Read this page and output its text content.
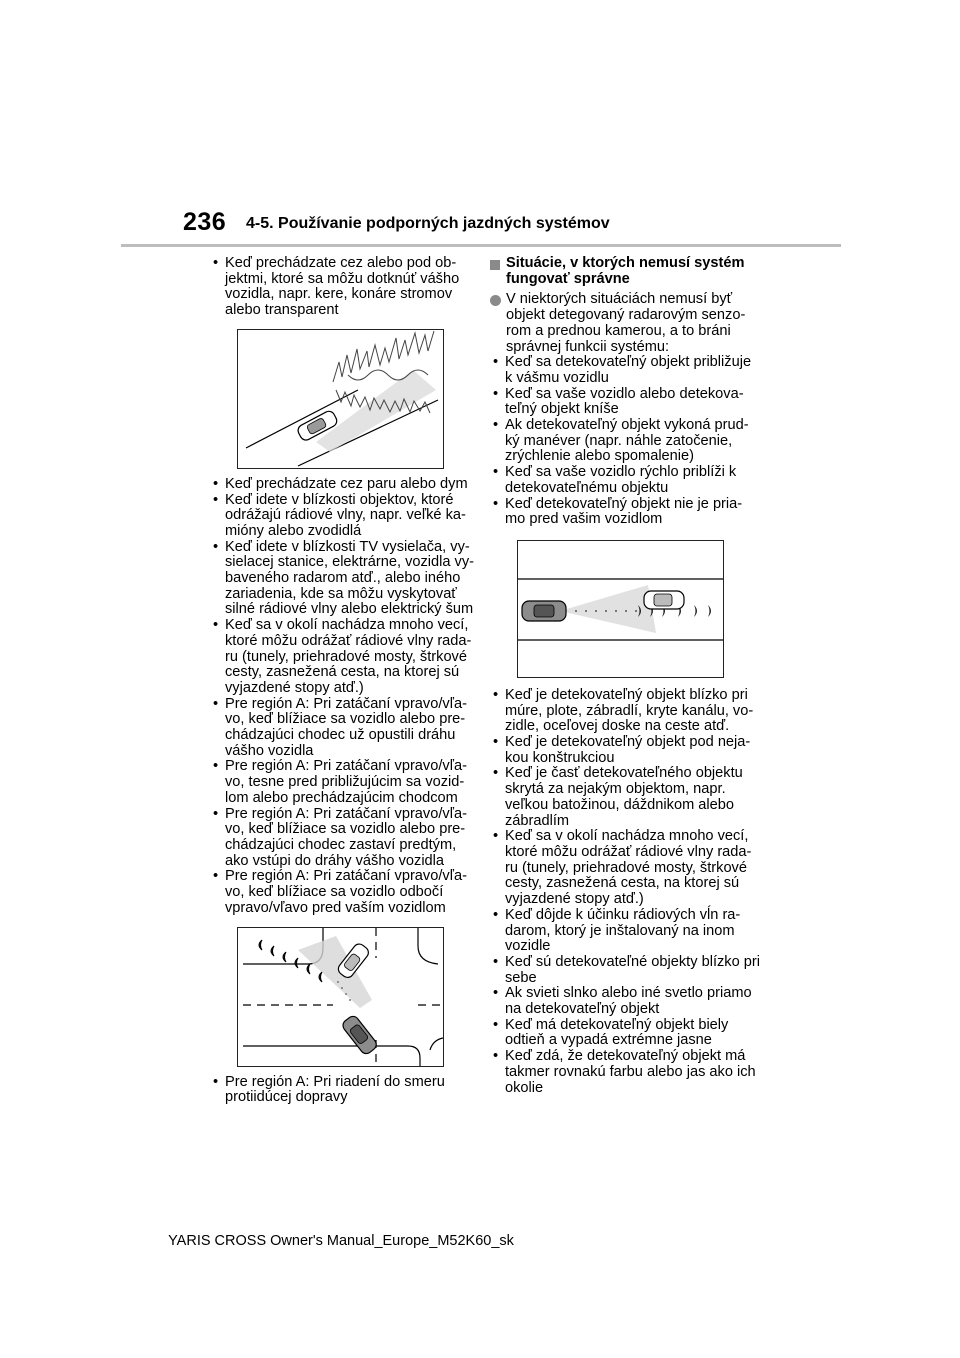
236 4-5. Používanie podporných jazdných systémov
• Keď prechádzate cez alebo pod ob-jektmi, ktoré sa môžu dotknúť vášho vozidla, napr. kere, konáre stromov alebo transparent
• Keď prechádzate cez paru alebo dym
• Keď idete v blízkosti objektov, ktoré odrážajú rádiové vlny, napr. veľké ka-mióny alebo zvodidlá
• Keď idete v blízkosti TV vysielača, vy-sielacej stanice, elektrárne, vozidla vy-baveného radarom atď., alebo iného zariadenia, kde sa môžu vyskytovať silné rádiové vlny alebo elektrický šum
• Keď sa v okolí nachádza mnoho vecí, ktoré môžu odrážať rádiové vlny rada-ru (tunely, priehradové mosty, štrkové cesty, zasnežená cesta, na ktorej sú vyjazdené stopy atď.)
• Pre región A: Pri zatáčaní vpravo/vľa-vo, keď blížiace sa vozidlo alebo pre-chádzajúci chodec už opustili dráhu vášho vozidla
• Pre región A: Pri zatáčaní vpravo/vľa-vo, tesne pred približujúcim sa vozid-lom alebo prechádzajúcim chodcom
• Pre región A: Pri zatáčaní vpravo/vľa-vo, keď blížiace sa vozidlo alebo pre-chádzajúci chodec zastaví predtým, ako vstúpi do dráhy vášho vozidla
• Pre región A: Pri zatáčaní vpravo/vľa-vo, keď blížiace sa vozidlo odbočí vpravo/vľavo pred vaším vozidlom
• Pre región A: Pri riadení do smeru protiidúcej dopravy
Situácie, v ktorých nemusí systém fungovať správne

V niektorých situáciách nemusí byť objekt detegovaný radarovým senzo-rom a prednou kamerou, a to bráni správnej funkcii systému:

• Keď sa detekovateľný objekt približuje k vášmu vozidlu
• Keď sa vaše vozidlo alebo detekova-teľný objekt kníše
• Ak detekovateľný objekt vykoná prud-ký manéver (napr. náhle zatočenie, zrýchlenie alebo spomalenie)
• Keď sa vaše vozidlo rýchlo priblíži k detekovateľnému objektu
• Keď detekovateľný objekt nie je pria-mo pred vašim vozidlom
• Keď je detekovateľný objekt blízko pri múre, plote, zábradlí, kryte kanálu, vo-zidle, oceľovej doske na ceste atď.
• Keď je detekovateľný objekt pod neja-kou konštrukciou
• Keď je časť detekovateľného objektu skrytá za nejakým objektom, napr. veľkou batožinou, dáždnikom alebo zábradlím
• Keď sa v okolí nachádza mnoho vecí, ktoré môžu odrážať rádiové vlny rada-ru (tunely, priehradové mosty, štrkové cesty, zasnežená cesta, na ktorej sú vyjazdené stopy atď.)
• Keď dôjde k účinku rádiových vĺn ra-darom, ktorý je inštalovaný na inom vozidle
• Keď sú detekovateľné objekty blízko pri sebe
• Ak svieti slnko alebo iné svetlo priamo na detekovateľný objekt
• Keď má detekovateľný objekt biely odtieň a vypadá extrémne jasne
• Keď zdá, že detekovateľný objekt má takmer rovnakú farbu alebo jas ako ich okolie
YARIS CROSS Owner's Manual_Europe_M52K60_sk
